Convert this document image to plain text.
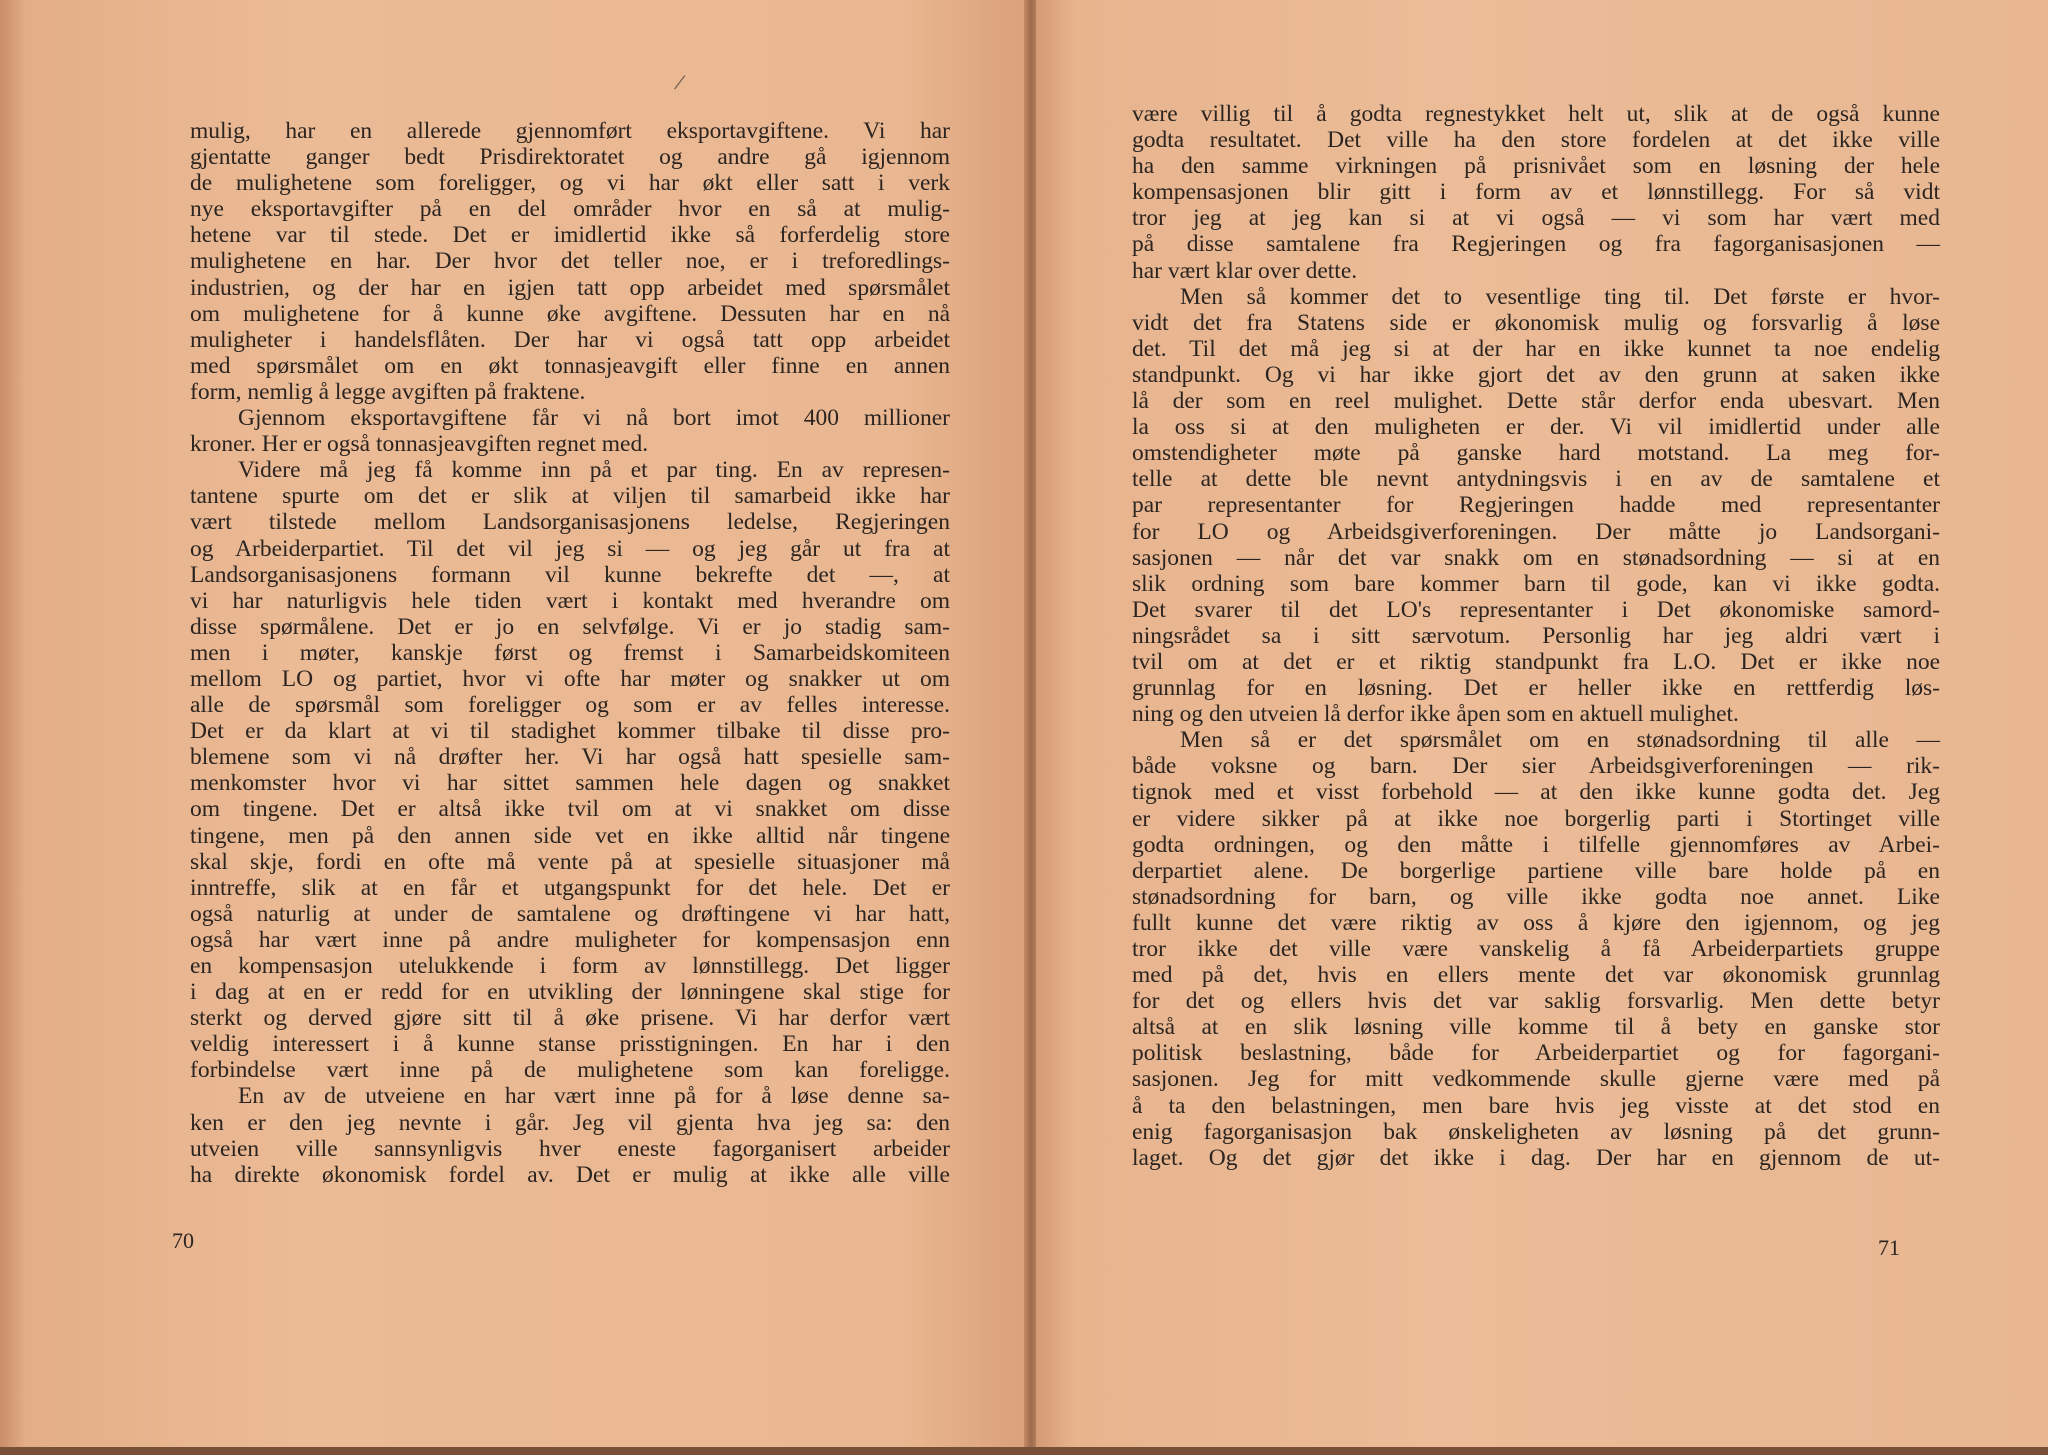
/
mulig, har en allerede gjennomført eksportavgiftene. Vi har
gjentatte ganger bedt Prisdirektoratet og andre gå igjennom
de mulighetene som foreligger, og vi har økt eller satt i verk
nye eksportavgifter på en del områder hvor en så at mulig-
hetene var til stede. Det er imidlertid ikke så forferdelig store
mulighetene en har. Der hvor det teller noe, er i treforedlings-
industrien, og der har en igjen tatt opp arbeidet med spørsmålet
om mulighetene for å kunne øke avgiftene. Dessuten har en nå
muligheter i handelsflåten. Der har vi også tatt opp arbeidet
med spørsmålet om en økt tonnasjeavgift eller finne en annen
form, nemlig å legge avgiften på fraktene.
Gjennom eksportavgiftene får vi nå bort imot 400 millioner
kroner. Her er også tonnasjeavgiften regnet med.
Videre må jeg få komme inn på et par ting. En av represen-
tantene spurte om det er slik at viljen til samarbeid ikke har
vært tilstede mellom Landsorganisasjonens ledelse, Regjeringen
og Arbeiderpartiet. Til det vil jeg si — og jeg går ut fra at
Landsorganisasjonens formann vil kunne bekrefte det —, at
vi har naturligvis hele tiden vært i kontakt med hverandre om
disse spørmålene. Det er jo en selvfølge. Vi er jo stadig sam-
men i møter, kanskje først og fremst i Samarbeidskomiteen
mellom LO og partiet, hvor vi ofte har møter og snakker ut om
alle de spørsmål som foreligger og som er av felles interesse.
Det er da klart at vi til stadighet kommer tilbake til disse pro-
blemene som vi nå drøfter her. Vi har også hatt spesielle sam-
menkomster hvor vi har sittet sammen hele dagen og snakket
om tingene. Det er altså ikke tvil om at vi snakket om disse
tingene, men på den annen side vet en ikke alltid når tingene
skal skje, fordi en ofte må vente på at spesielle situasjoner må
inntreffe, slik at en får et utgangspunkt for det hele. Det er
også naturlig at under de samtalene og drøftingene vi har hatt,
også har vært inne på andre muligheter for kompensasjon enn
en kompensasjon utelukkende i form av lønnstillegg. Det ligger
i dag at en er redd for en utvikling der lønningene skal stige for
sterkt og derved gjøre sitt til å øke prisene. Vi har derfor vært
veldig interessert i å kunne stanse prisstigningen. En har i den
forbindelse vært inne på de mulighetene som kan foreligge.
En av de utveiene en har vært inne på for å løse denne sa-
ken er den jeg nevnte i går. Jeg vil gjenta hva jeg sa: den
utveien ville sannsynligvis hver eneste fagorganisert arbeider
ha direkte økonomisk fordel av. Det er mulig at ikke alle ville
70
være villig til å godta regnestykket helt ut, slik at de også kunne
godta resultatet. Det ville ha den store fordelen at det ikke ville
ha den samme virkningen på prisnivået som en løsning der hele
kompensasjonen blir gitt i form av et lønnstillegg. For så vidt
tror jeg at jeg kan si at vi også — vi som har vært med
på disse samtalene fra Regjeringen og fra fagorganisasjonen —
har vært klar over dette.
Men så kommer det to vesentlige ting til. Det første er hvor-
vidt det fra Statens side er økonomisk mulig og forsvarlig å løse
det. Til det må jeg si at der har en ikke kunnet ta noe endelig
standpunkt. Og vi har ikke gjort det av den grunn at saken ikke
lå der som en reel mulighet. Dette står derfor enda ubesvart. Men
la oss si at den muligheten er der. Vi vil imidlertid under alle
omstendigheter møte på ganske hard motstand. La meg for-
telle at dette ble nevnt antydningsvis i en av de samtalene et
par representanter for Regjeringen hadde med representanter
for LO og Arbeidsgiverforeningen. Der måtte jo Landsorgani-
sasjonen — når det var snakk om en stønadsordning — si at en
slik ordning som bare kommer barn til gode, kan vi ikke godta.
Det svarer til det LO's representanter i Det økonomiske samord-
ningsrådet sa i sitt særvotum. Personlig har jeg aldri vært i
tvil om at det er et riktig standpunkt fra L.O. Det er ikke noe
grunnlag for en løsning. Det er heller ikke en rettferdig løs-
ning og den utveien lå derfor ikke åpen som en aktuell mulighet.
Men så er det spørsmålet om en stønadsordning til alle —
både voksne og barn. Der sier Arbeidsgiverforeningen — rik-
tignok med et visst forbehold — at den ikke kunne godta det. Jeg
er videre sikker på at ikke noe borgerlig parti i Stortinget ville
godta ordningen, og den måtte i tilfelle gjennomføres av Arbei-
derpartiet alene. De borgerlige partiene ville bare holde på en
stønadsordning for barn, og ville ikke godta noe annet. Like
fullt kunne det være riktig av oss å kjøre den igjennom, og jeg
tror ikke det ville være vanskelig å få Arbeiderpartiets gruppe
med på det, hvis en ellers mente det var økonomisk grunnlag
for det og ellers hvis det var saklig forsvarlig. Men dette betyr
altså at en slik løsning ville komme til å bety en ganske stor
politisk beslastning, både for Arbeiderpartiet og for fagorgani-
sasjonen. Jeg for mitt vedkommende skulle gjerne være med på
å ta den belastningen, men bare hvis jeg visste at det stod en
enig fagorganisasjon bak ønskeligheten av løsning på det grunn-
laget. Og det gjør det ikke i dag. Der har en gjennom de ut-
71
